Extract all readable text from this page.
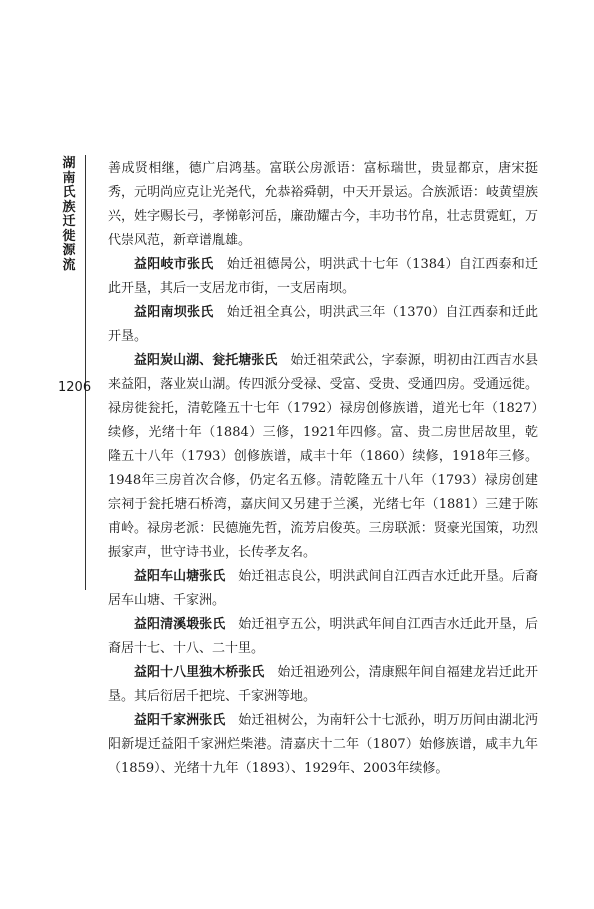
湖南氏族迁徙源流
1206

善成贤相继，德广启鸿基。富联公房派语：富标瑞世，贵显都京，唐宋挺秀，元明尚应克让光尧代，允恭裕舜朝，中天开景运。合族派语：岐黄望族兴，姓字赐长弓，孝悌彰河岳，廉劭耀古今，丰功书竹帛，壮志贯霓虹，万代崇风范，新章谱胤雄。

益阳岐市张氏　 始迁祖德昺公，明洪武十七年（1384）自江西泰和迁此开垦，其后一支居龙市街，一支居南坝。

益阳南坝张氏　 始迁祖全真公，明洪武三年（1370）自江西泰和迁此开垦。

益阳炭山湖、瓮托塘张氏　 始迁祖荣武公，字泰源，明初由江西吉水县来益阳，落业炭山湖。传四派分受禄、受富、受贵、受通四房。受通远徙。禄房徙瓮托，清乾隆五十七年（1792）禄房创修族谱，道光七年（1827）续修，光绪十年（1884）三修，1921年四修。富、贵二房世居故里，乾隆五十八年（1793）创修族谱，咸丰十年（1860）续修，1918年三修。1948年三房首次合修，仍定名五修。清乾隆五十八年（1793）禄房创建宗祠于瓮托塘石桥湾，嘉庆间又另建于兰溪，光绪七年（1881）三建于陈甫岭。禄房老派：民德施先哲，流芳启俊英。三房联派：贤豪光国策，功烈振家声，世守诗书业，长传孝友名。

益阳车山塘张氏　 始迁祖志良公，明洪武间自江西吉水迁此开垦。后裔居车山塘、千家洲。

益阳清溪塅张氏　 始迁祖亨五公，明洪武年间自江西吉水迁此开垦，后裔居十七、十八、二十里。

益阳十八里独木桥张氏　 始迁祖逊列公，清康熙年间自福建龙岩迁此开垦。其后衍居千把垸、千家洲等地。

益阳千家洲张氏　 始迁祖树公，为南轩公十七派孙，明万历间由湖北沔阳新堤迁益阳千家洲烂柴港。清嘉庆十二年（1807）始修族谱，咸丰九年（1859）、光绪十九年（1893）、1929年、2003年续修。
